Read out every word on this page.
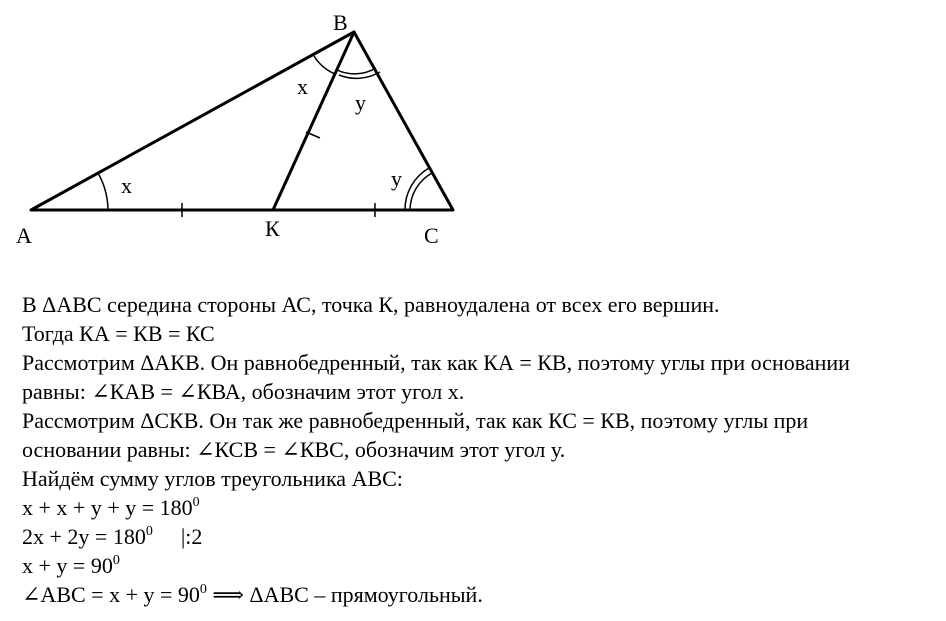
А
В
К	С
x
x
y
y
В ΔАВС середина стороны АС, точка К, равноудалена от всех его вершин.
Тогда КА = КВ = КС
Рассмотрим ΔАКВ. Он равнобедренный, так как КА = КВ, поэтому углы при основании
равны: ∠КАВ = ∠КВА, обозначим этот угол х.
Рассмотрим ΔСКВ. Он так же равнобедренный, так как КС = КВ, поэтому углы при
основании равны: ∠КСВ = ∠КВС, обозначим этот угол у.
Найдём сумму углов треугольника АВС:
$х + х + у + у = 180^0$
$2х + 2у = 180^0$ |:2
$х + у = 90^0$
∠АВС = $х + у = 90^0$ ⟹ ΔАВС – прямоугольный.
